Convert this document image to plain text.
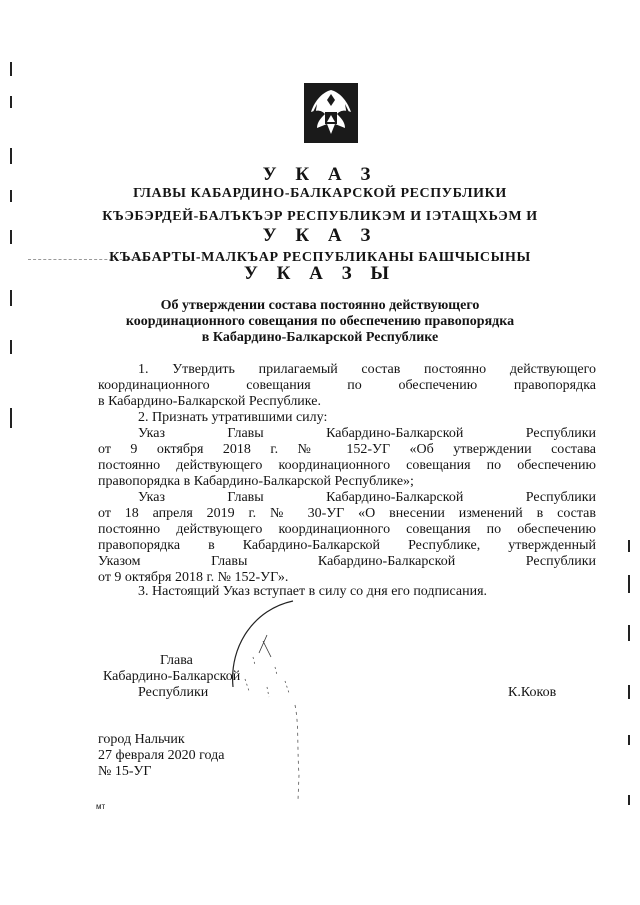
У К А З
ГЛАВЫ КАБАРДИНО-БАЛКАРСКОЙ РЕСПУБЛИКИ
КЪЭБЭРДЕЙ-БАЛЪКЪЭР РЕСПУБЛИКЭМ И ІЭТАЩХЬЭМ И
У К А З
КЪАБАРТЫ-МАЛКЪАР РЕСПУБЛИКАНЫ БАШЧЫСЫНЫ
У К А З Ы
Об утверждении состава постоянно действующего
координационного совещания по обеспечению правопорядка
в Кабардино-Балкарской Республике
1. Утвердить прилагаемый состав постоянно действующего
координационного совещания по обеспечению правопорядка
в Кабардино-Балкарской Республике.
2. Признать утратившими силу:
Указ Главы Кабардино-Балкарской Республики
от 9 октября 2018 г. № 152-УГ «Об утверждении состава
постоянно действующего координационного совещания по обеспечению
правопорядка в Кабардино-Балкарской Республике»;
Указ Главы Кабардино-Балкарской Республики
от 18 апреля 2019 г. № 30-УГ «О внесении изменений в состав
постоянно действующего координационного совещания по обеспечению
правопорядка в Кабардино-Балкарской Республике, утвержденный
Указом Главы Кабардино-Балкарской Республики
от 9 октября 2018 г. № 152-УГ».
3. Настоящий Указ вступает в силу со дня его подписания.
Глава
Кабардино-Балкарской
Республики	К.Коков
город Нальчик
27 февраля 2020 года
№ 15-УГ
мт
